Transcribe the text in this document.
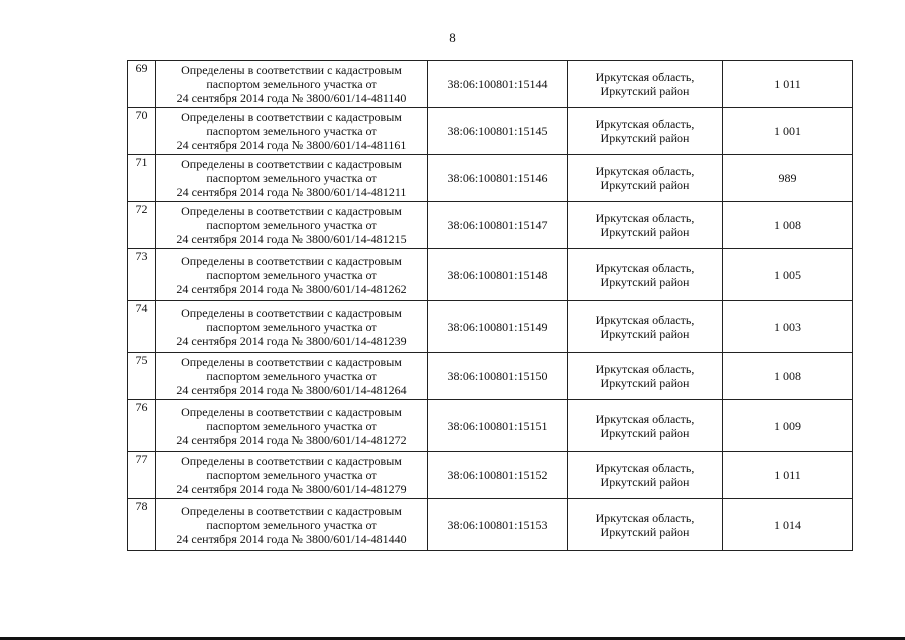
8
69	Определены в соответствии с кадастровым
паспортом земельного участка от
24 сентября 2014 года № 3800/601/14-481140	38:06:100801:15144	Иркутская область, Иркутский район	1 011
70	Определены в соответствии с кадастровым
паспортом земельного участка от
24 сентября 2014 года № 3800/601/14-481161	38:06:100801:15145	Иркутская область, Иркутский район	1 001
71	Определены в соответствии с кадастровым
паспортом земельного участка от
24 сентября 2014 года № 3800/601/14-481211	38:06:100801:15146	Иркутская область, Иркутский район	989
72	Определены в соответствии с кадастровым
паспортом земельного участка от
24 сентября 2014 года № 3800/601/14-481215	38:06:100801:15147	Иркутская область, Иркутский район	1 008
73	Определены в соответствии с кадастровым
паспортом земельного участка от
24 сентября 2014 года № 3800/601/14-481262	38:06:100801:15148	Иркутская область, Иркутский район	1 005
74	Определены в соответствии с кадастровым
паспортом земельного участка от
24 сентября 2014 года № 3800/601/14-481239	38:06:100801:15149	Иркутская область, Иркутский район	1 003
75	Определены в соответствии с кадастровым
паспортом земельного участка от
24 сентября 2014 года № 3800/601/14-481264	38:06:100801:15150	Иркутская область, Иркутский район	1 008
76	Определены в соответствии с кадастровым
паспортом земельного участка от
24 сентября 2014 года № 3800/601/14-481272	38:06:100801:15151	Иркутская область, Иркутский район	1 009
77	Определены в соответствии с кадастровым
паспортом земельного участка от
24 сентября 2014 года № 3800/601/14-481279	38:06:100801:15152	Иркутская область, Иркутский район	1 011
78	Определены в соответствии с кадастровым
паспортом земельного участка от
24 сентября 2014 года № 3800/601/14-481440	38:06:100801:15153	Иркутская область, Иркутский район	1 014
